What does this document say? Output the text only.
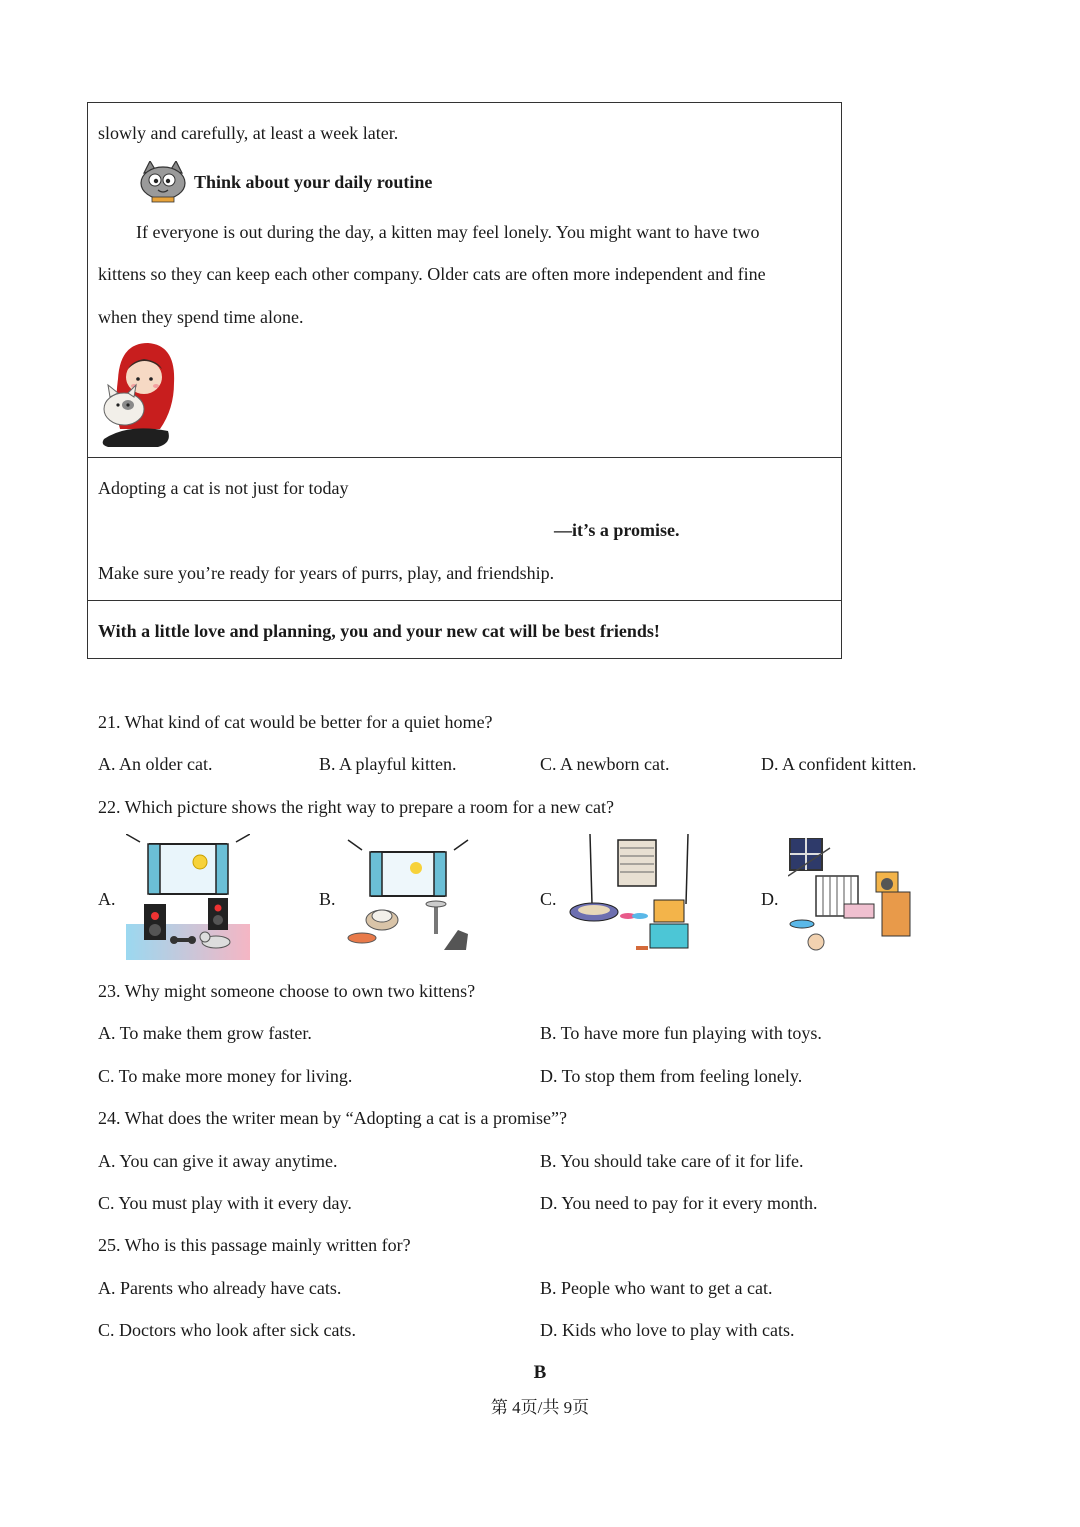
slowly and carefully, at least a week later.
Think about your daily routine
If everyone is out during the day, a kitten may feel lonely. You might want to have two
kittens so they can keep each other company. Older cats are often more independent and fine
when they spend time alone.
Adopting a cat is not just for today
—it’s a promise.
Make sure you’re ready for years of purrs, play, and friendship.
With a little love and planning, you and your new cat will be best friends!
21. What kind of cat would be better for a quiet home?
A. An older cat.	B. A playful kitten.	C. A newborn cat.	D. A confident kitten.
22. Which picture shows the right way to prepare a room for a new cat?
A.	B.	C.	D.
23. Why might someone choose to own two kittens?
A. To make them grow faster.	B. To have more fun playing with toys.
C. To make more money for living.	D. To stop them from feeling lonely.
24. What does the writer mean by “Adopting a cat is a promise”?
A. You can give it away anytime.	B. You should take care of it for life.
C. You must play with it every day.	D. You need to pay for it every month.
25. Who is this passage mainly written for?
A. Parents who already have cats.	B. People who want to get a cat.
C. Doctors who look after sick cats.	D. Kids who love to play with cats.
B
第 4页/共 9页
